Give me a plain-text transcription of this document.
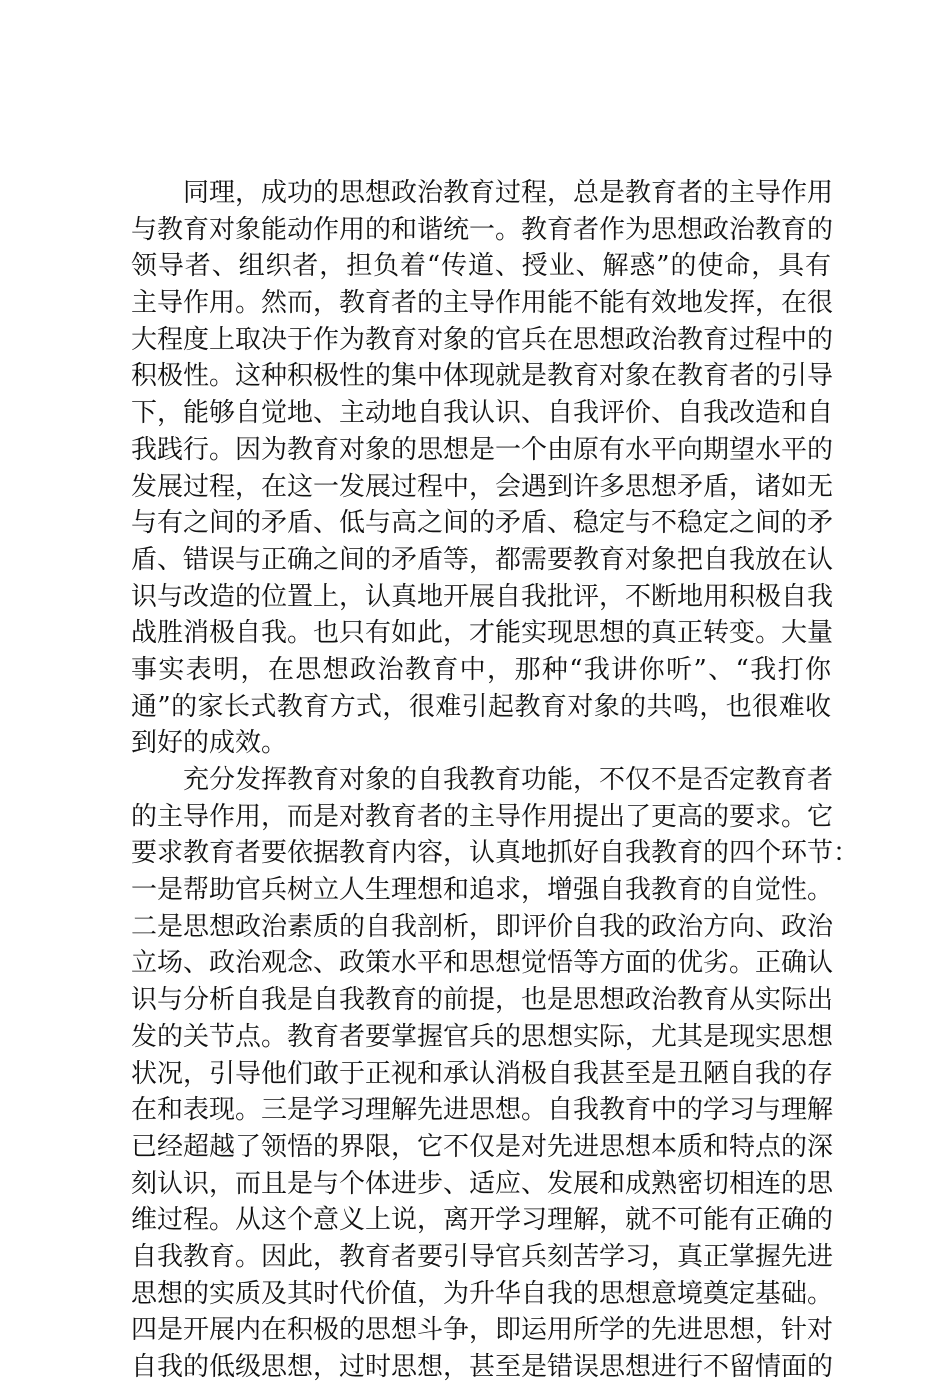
同理，成功的思想政治教育过程，总是教育者的主导作用
与教育对象能动作用的和谐统一。教育者作为思想政治教育的
领导者、组织者，担负着“传道、授业、解惑”的使命，具有
主导作用。然而，教育者的主导作用能不能有效地发挥，在很
大程度上取决于作为教育对象的官兵在思想政治教育过程中的
积极性。这种积极性的集中体现就是教育对象在教育者的引导
下，能够自觉地、主动地自我认识、自我评价、自我改造和自
我践行。因为教育对象的思想是一个由原有水平向期望水平的
发展过程，在这一发展过程中，会遇到许多思想矛盾，诸如无
与有之间的矛盾、低与高之间的矛盾、稳定与不稳定之间的矛
盾、错误与正确之间的矛盾等，都需要教育对象把自我放在认
识与改造的位置上，认真地开展自我批评，不断地用积极自我
战胜消极自我。也只有如此，才能实现思想的真正转变。大量
事实表明，在思想政治教育中，那种“我讲你听”、“我打你
通”的家长式教育方式，很难引起教育对象的共鸣，也很难收
到好的成效。
充分发挥教育对象的自我教育功能，不仅不是否定教育者
的主导作用，而是对教育者的主导作用提出了更高的要求。它
要求教育者要依据教育内容，认真地抓好自我教育的四个环节：
一是帮助官兵树立人生理想和追求，增强自我教育的自觉性。
二是思想政治素质的自我剖析，即评价自我的政治方向、政治
立场、政治观念、政策水平和思想觉悟等方面的优劣。正确认
识与分析自我是自我教育的前提，也是思想政治教育从实际出
发的关节点。教育者要掌握官兵的思想实际，尤其是现实思想
状况，引导他们敢于正视和承认消极自我甚至是丑陋自我的存
在和表现。三是学习理解先进思想。自我教育中的学习与理解
已经超越了领悟的界限，它不仅是对先进思想本质和特点的深
刻认识，而且是与个体进步、适应、发展和成熟密切相连的思
维过程。从这个意义上说，离开学习理解，就不可能有正确的
自我教育。因此，教育者要引导官兵刻苦学习，真正掌握先进
思想的实质及其时代价值，为升华自我的思想意境奠定基础。
四是开展内在积极的思想斗争，即运用所学的先进思想，针对
自我的低级思想，过时思想，甚至是错误思想进行不留情面的
